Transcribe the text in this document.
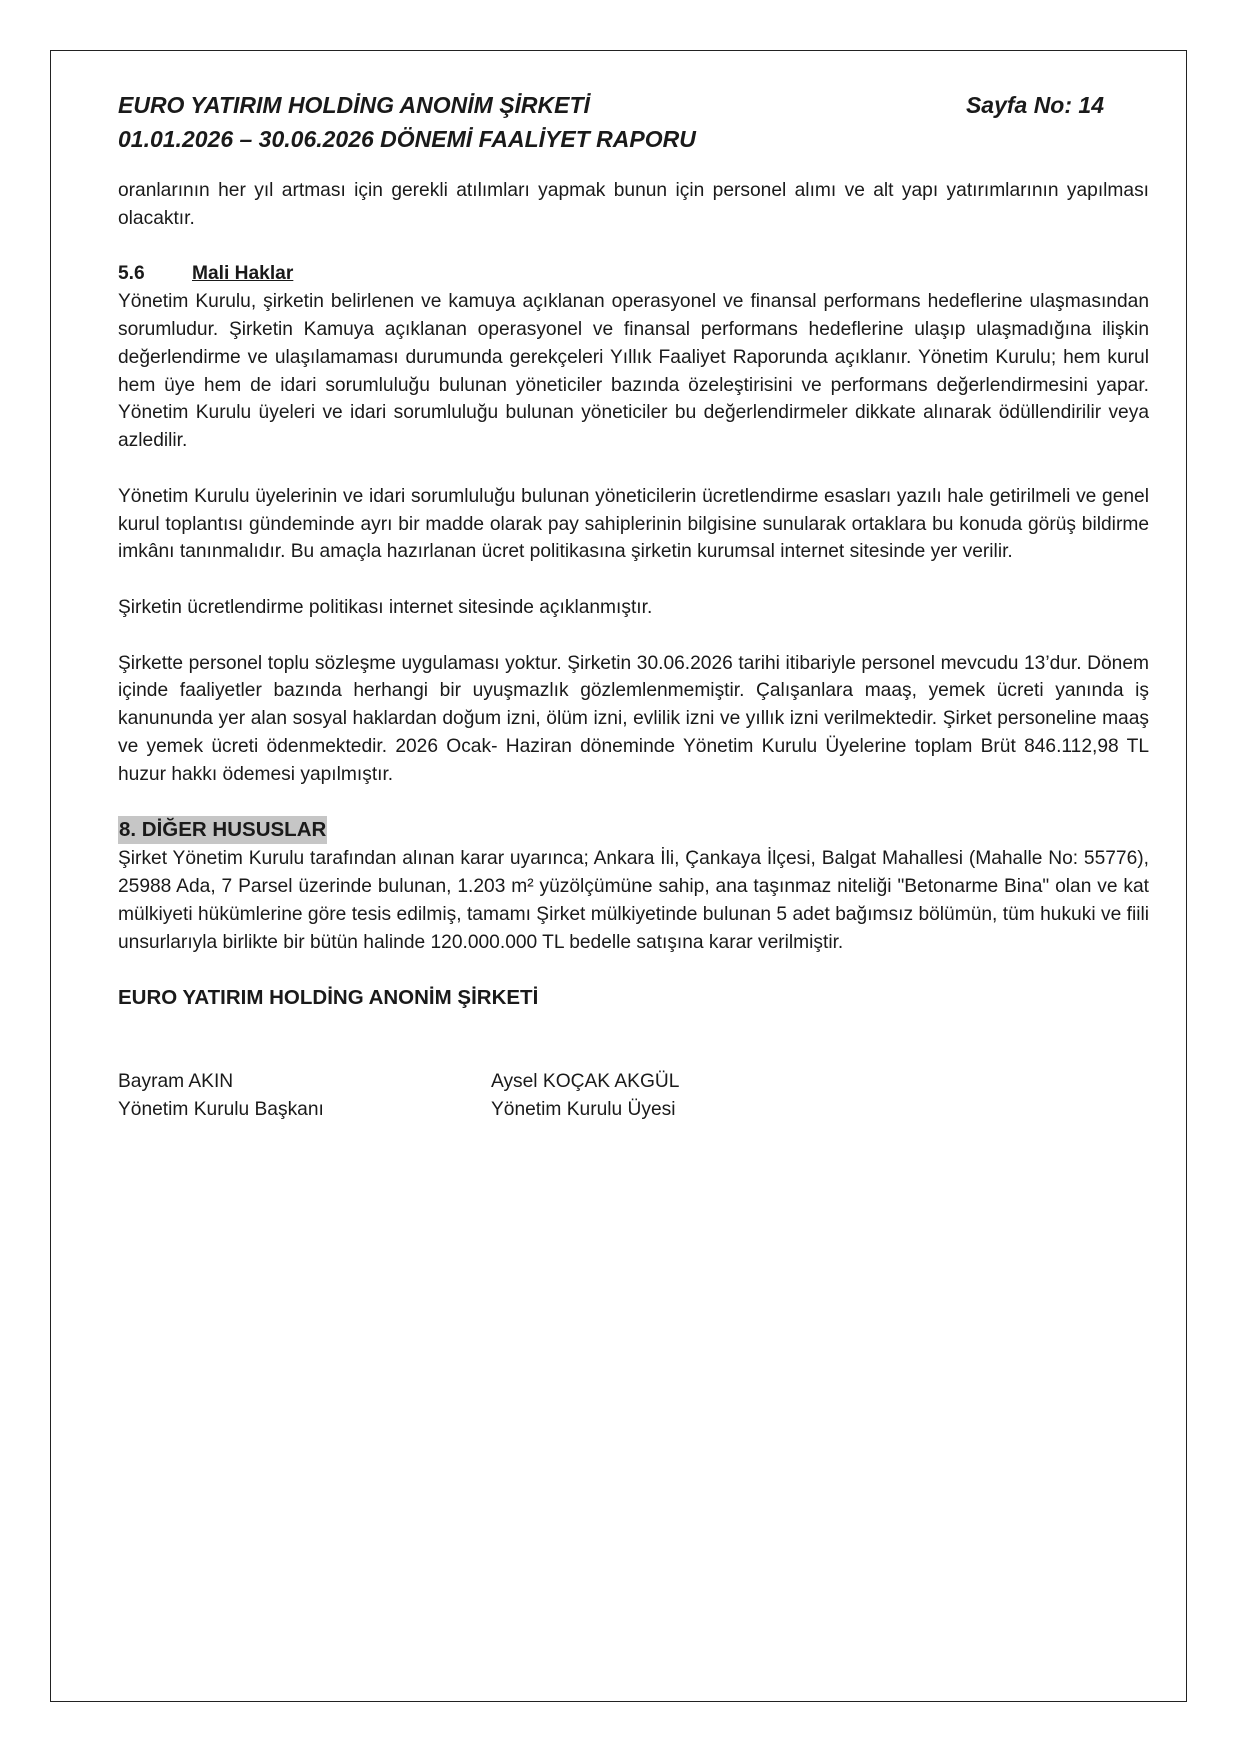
EURO YATIRIM HOLDİNG ANONİM ŞİRKETİ
01.01.2026 – 30.06.2026 DÖNEMİ FAALİYET RAPORU
Sayfa No: 14

oranlarının her yıl artması için gerekli atılımları yapmak bunun için personel alımı ve alt yapı yatırımlarının yapılması olacaktır.

5.6 Mali Haklar

Yönetim Kurulu, şirketin belirlenen ve kamuya açıklanan operasyonel ve finansal performans hedeflerine ulaşmasından sorumludur. Şirketin Kamuya açıklanan operasyonel ve finansal performans hedeflerine ulaşıp ulaşmadığına ilişkin değerlendirme ve ulaşılamaması durumunda gerekçeleri Yıllık Faaliyet Raporunda açıklanır. Yönetim Kurulu; hem kurul hem üye hem de idari sorumluluğu bulunan yöneticiler bazında özeleştirisini ve performans değerlendirmesini yapar. Yönetim Kurulu üyeleri ve idari sorumluluğu bulunan yöneticiler bu değerlendirmeler dikkate alınarak ödüllendirilir veya azledilir.

Yönetim Kurulu üyelerinin ve idari sorumluluğu bulunan yöneticilerin ücretlendirme esasları yazılı hale getirilmeli ve genel kurul toplantısı gündeminde ayrı bir madde olarak pay sahiplerinin bilgisine sunularak ortaklara bu konuda görüş bildirme imkânı tanınmalıdır. Bu amaçla hazırlanan ücret politikasına şirketin kurumsal internet sitesinde yer verilir.

Şirketin ücretlendirme politikası internet sitesinde açıklanmıştır.

Şirkette personel toplu sözleşme uygulaması yoktur. Şirketin 30.06.2026 tarihi itibariyle personel mevcudu 13’dur. Dönem içinde faaliyetler bazında herhangi bir uyuşmazlık gözlemlenmemiştir. Çalışanlara maaş, yemek ücreti yanında iş kanununda yer alan sosyal haklardan doğum izni, ölüm izni, evlilik izni ve yıllık izni verilmektedir. Şirket personeline maaş ve yemek ücreti ödenmektedir. 2026 Ocak- Haziran döneminde Yönetim Kurulu Üyelerine toplam Brüt 846.112,98 TL huzur hakkı ödemesi yapılmıştır.

8. DİĞER HUSUSLAR

Şirket Yönetim Kurulu tarafından alınan karar uyarınca; Ankara İli, Çankaya İlçesi, Balgat Mahallesi (Mahalle No: 55776), 25988 Ada, 7 Parsel üzerinde bulunan, 1.203 m² yüzölçümüne sahip, ana taşınmaz niteliği "Betonarme Bina" olan ve kat mülkiyeti hükümlerine göre tesis edilmiş, tamamı Şirket mülkiyetinde bulunan 5 adet bağımsız bölümün, tüm hukuki ve fiili unsurlarıyla birlikte bir bütün halinde 120.000.000 TL bedelle satışına karar verilmiştir.

EURO YATIRIM HOLDİNG ANONİM ŞİRKETİ
Bayram AKIN
Yönetim Kurulu Başkanı
Aysel KOÇAK AKGÜL
Yönetim Kurulu Üyesi
